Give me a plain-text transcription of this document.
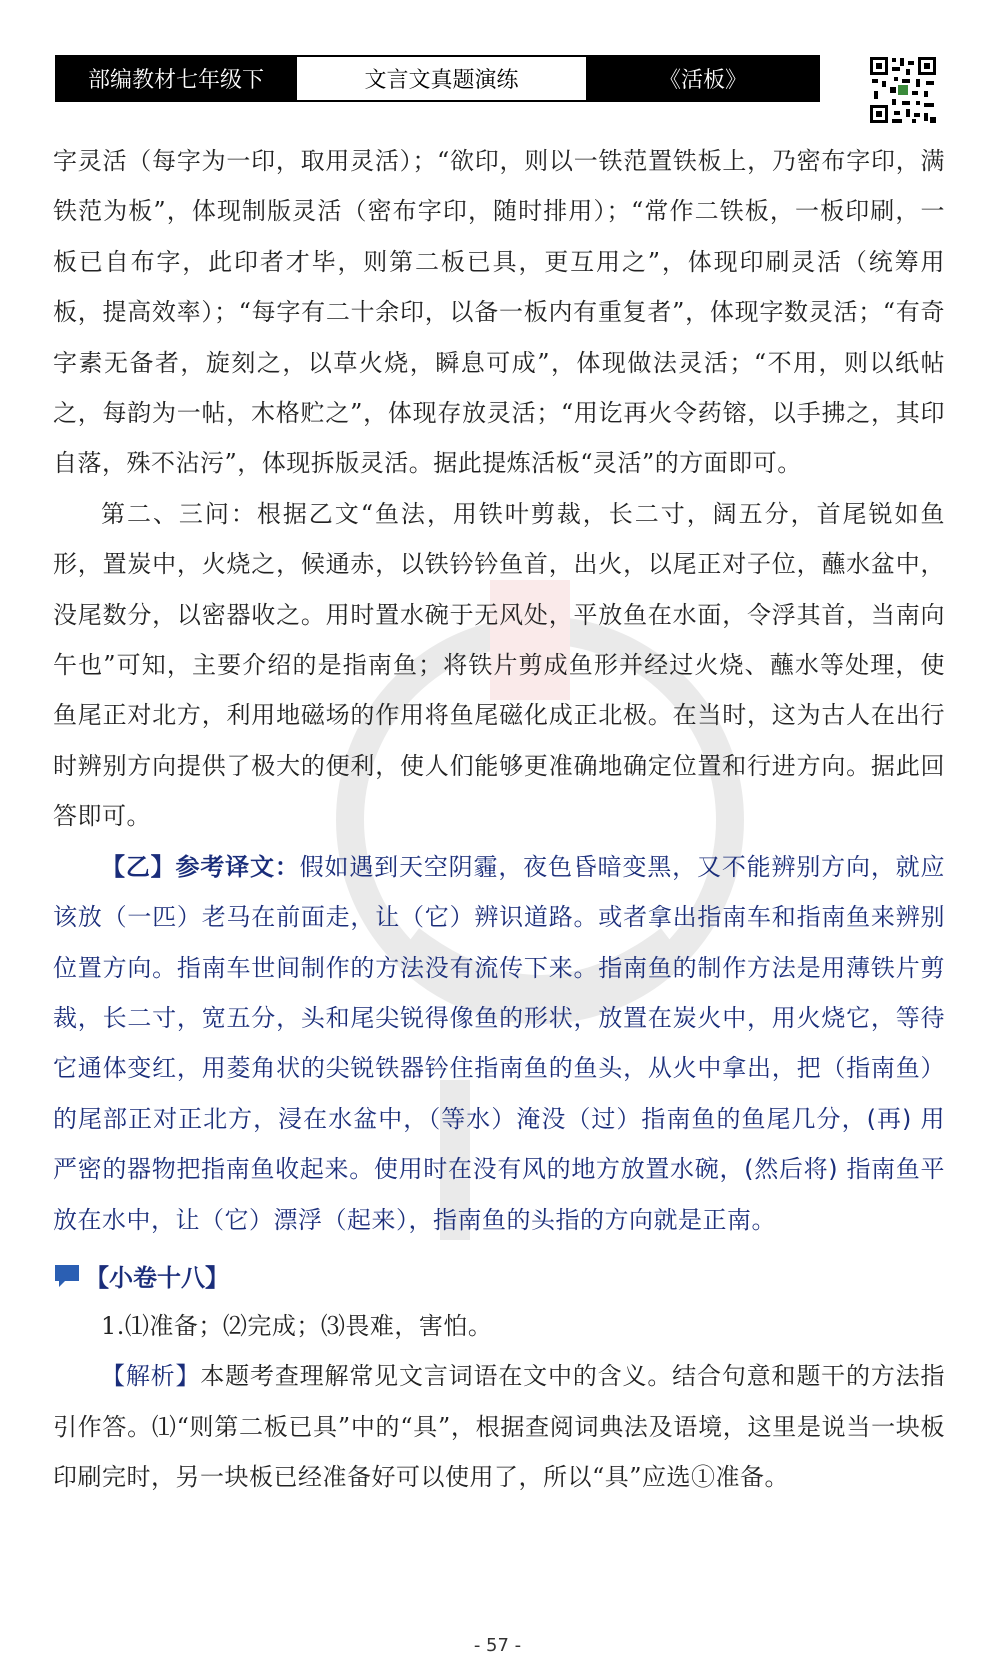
部编教材七年级下	文言文真题演练	《活板》

字灵活（每字为一印，取用灵活）；“欲印，则以一铁范置铁板上，乃密布字印，满铁范为板”，体现制版灵活（密布字印，随时排用）；“常作二铁板，一板印刷，一板已自布字，此印者才毕，则第二板已具，更互用之”，体现印刷灵活（统筹用板，提高效率）；“每字有二十余印，以备一板内有重复者”，体现字数灵活；“有奇字素无备者，旋刻之，以草火烧，瞬息可成”，体现做法灵活；“不用，则以纸帖之，每韵为一帖，木格贮之”，体现存放灵活；“用讫再火令药镕，以手拂之，其印自落，殊不沾污”，体现拆版灵活。据此提炼活板“灵活”的方面即可。

第二、三问：根据乙文“鱼法，用铁叶剪裁，长二寸，阔五分，首尾锐如鱼形，置炭中，火烧之，候通赤，以铁钤钤鱼首，出火，以尾正对子位，蘸水盆中，没尾数分，以密器收之。用时置水碗于无风处，平放鱼在水面，令浮其首，当南向午也”可知，主要介绍的是指南鱼；将铁片剪成鱼形并经过火烧、蘸水等处理，使鱼尾正对北方，利用地磁场的作用将鱼尾磁化成正北极。在当时，这为古人在出行时辨别方向提供了极大的便利，使人们能够更准确地确定位置和行进方向。据此回答即可。

【乙】参考译文：假如遇到天空阴霾，夜色昏暗变黑，又不能辨别方向，就应该放（一匹）老马在前面走，让（它）辨识道路。或者拿出指南车和指南鱼来辨别位置方向。指南车世间制作的方法没有流传下来。指南鱼的制作方法是用薄铁片剪裁，长二寸，宽五分，头和尾尖锐得像鱼的形状，放置在炭火中，用火烧它，等待它通体变红，用菱角状的尖锐铁器钤住指南鱼的鱼头，从火中拿出，把（指南鱼）的尾部正对正北方，浸在水盆中，（等水）淹没（过）指南鱼的鱼尾几分，(再) 用严密的器物把指南鱼收起来。使用时在没有风的地方放置水碗，(然后将) 指南鱼平放在水中，让（它）漂浮（起来），指南鱼的头指的方向就是正南。

【小卷十八】

1.⑴准备；⑵完成；⑶畏难，害怕。

【解析】本题考查理解常见文言词语在文中的含义。结合句意和题干的方法指引作答。⑴“则第二板已具”中的“具”，根据查阅词典法及语境，这里是说当一块板印刷完时，另一块板已经准备好可以使用了，所以“具”应选①准备。

- 57 -
